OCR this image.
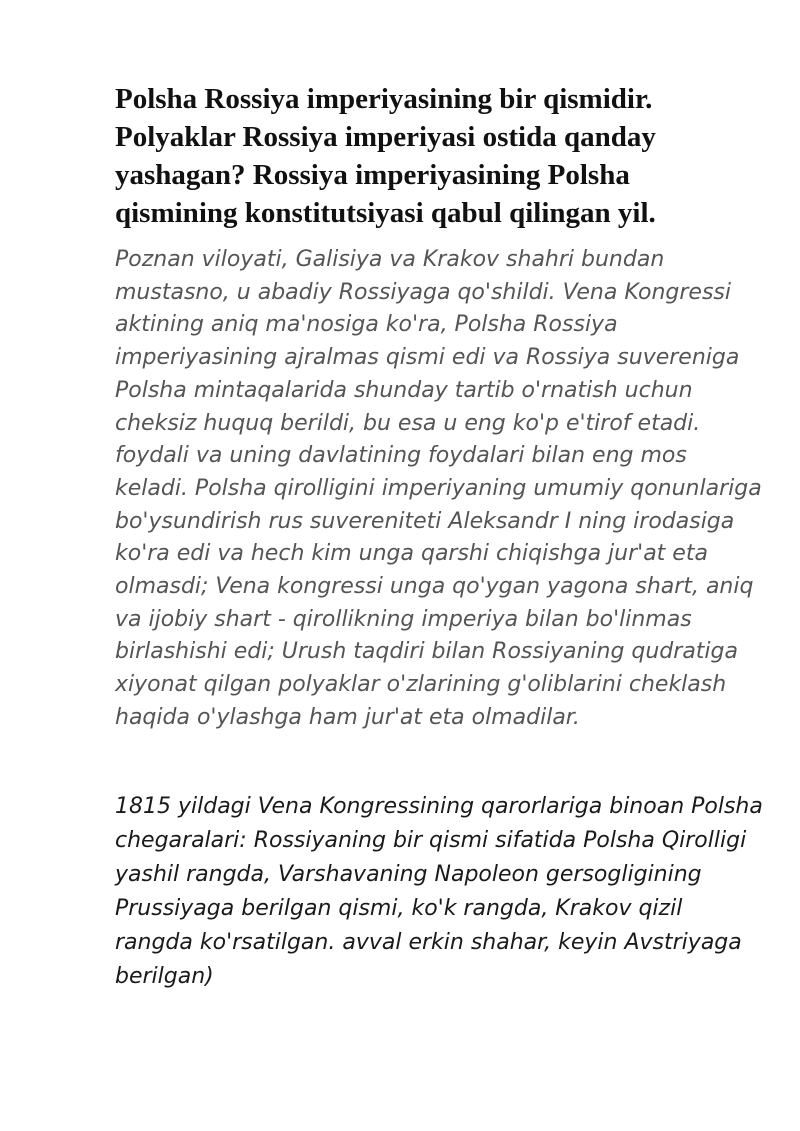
Polsha Rossiya imperiyasining bir qismidir. Polyaklar Rossiya imperiyasi ostida qanday yashagan? Rossiya imperiyasining Polsha qismining konstitutsiyasi qabul qilingan yil.

Poznan viloyati, Galisiya va Krakov shahri bundan mustasno, u abadiy Rossiyaga qo'shildi. Vena Kongressi aktining aniq ma'nosiga ko'ra, Polsha Rossiya imperiyasining ajralmas qismi edi va Rossiya suvereniga Polsha mintaqalarida shunday tartib o'rnatish uchun cheksiz huquq berildi, bu esa u eng ko'p e'tirof etadi. foydali va uning davlatining foydalari bilan eng mos keladi. Polsha qirolligini imperiyaning umumiy qonunlariga bo'ysundirish rus suvereniteti Aleksandr I ning irodasiga ko'ra edi va hech kim unga qarshi chiqishga jur'at eta olmasdi; Vena kongressi unga qo'ygan yagona shart, aniq va ijobiy shart - qirollikning imperiya bilan bo'linmas birlashishi edi; Urush taqdiri bilan Rossiyaning qudratiga xiyonat qilgan polyaklar o'zlarining g'oliblarini cheklash haqida o'ylashga ham jur'at eta olmadilar.

1815 yildagi Vena Kongressining qarorlariga binoan Polsha chegaralari: Rossiyaning bir qismi sifatida Polsha Qirolligi yashil rangda, Varshavaning Napoleon gersogligining Prussiyaga berilgan qismi, ko'k rangda, Krakov qizil rangda ko'rsatilgan. avval erkin shahar, keyin Avstriyaga berilgan)
